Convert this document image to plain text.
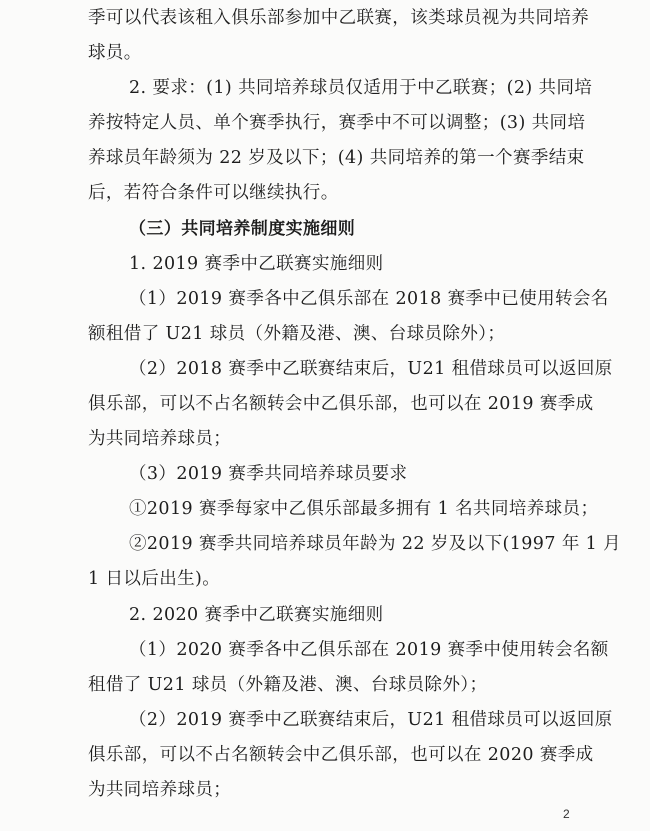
季可以代表该租入俱乐部参加中乙联赛，该类球员视为共同培养
球员。
2. 要求：(1) 共同培养球员仅适用于中乙联赛；(2) 共同培
养按特定人员、单个赛季执行，赛季中不可以调整；(3) 共同培
养球员年龄须为 22 岁及以下；(4) 共同培养的第一个赛季结束
后，若符合条件可以继续执行。
（三）共同培养制度实施细则
1. 2019 赛季中乙联赛实施细则
（1）2019 赛季各中乙俱乐部在 2018 赛季中已使用转会名
额租借了 U21 球员（外籍及港、澳、台球员除外）；
（2）2018 赛季中乙联赛结束后，U21 租借球员可以返回原
俱乐部，可以不占名额转会中乙俱乐部，也可以在 2019 赛季成
为共同培养球员；
（3）2019 赛季共同培养球员要求
①2019 赛季每家中乙俱乐部最多拥有 1 名共同培养球员；
②2019 赛季共同培养球员年龄为 22 岁及以下(1997 年 1 月
1 日以后出生)。
2. 2020 赛季中乙联赛实施细则
（1）2020 赛季各中乙俱乐部在 2019 赛季中使用转会名额
租借了 U21 球员（外籍及港、澳、台球员除外）；
（2）2019 赛季中乙联赛结束后，U21 租借球员可以返回原
俱乐部，可以不占名额转会中乙俱乐部，也可以在 2020 赛季成
为共同培养球员；
2
